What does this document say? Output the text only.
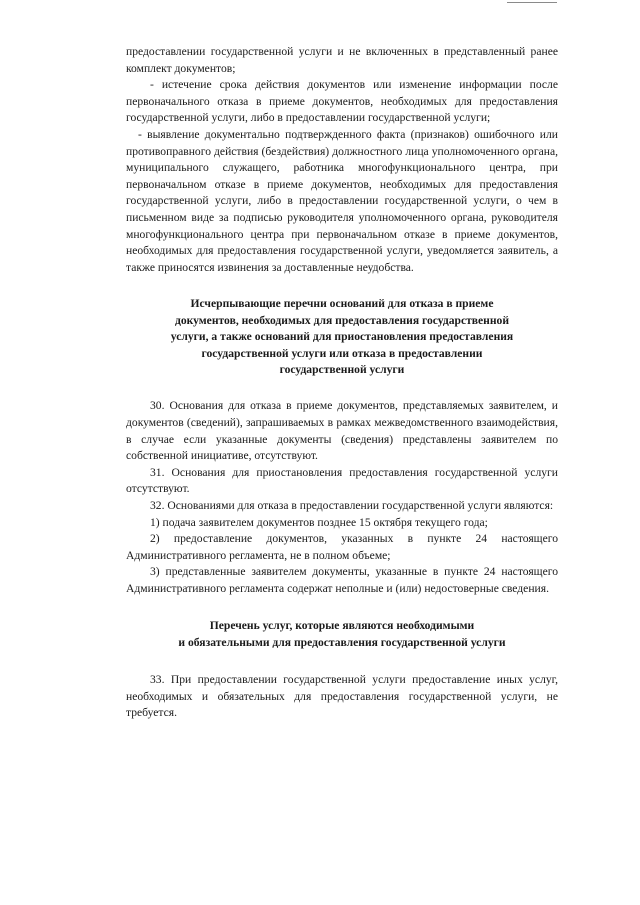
предоставлении государственной услуги и не включенных в представленный ранее комплект документов;

- истечение срока действия документов или изменение информации после первоначального отказа в приеме документов, необходимых для предоставления государственной услуги, либо в предоставлении государственной услуги;

- выявление документально подтвержденного факта (признаков) ошибочного или противоправного действия (бездействия) должностного лица уполномоченного органа, муниципального служащего, работника многофункционального центра, при первоначальном отказе в приеме документов, необходимых для предоставления государственной услуги, либо в предоставлении государственной услуги, о чем в письменном виде за подписью руководителя уполномоченного органа, руководителя многофункционального центра при первоначальном отказе в приеме документов, необходимых для предоставления государственной услуги, уведомляется заявитель, а также приносятся извинения за доставленные неудобства.

Исчерпывающие перечни оснований для отказа в приеме

документов, необходимых для предоставления государственной

услуги, а также оснований для приостановления предоставления

государственной услуги или отказа в предоставлении

государственной услуги

30. Основания для отказа в приеме документов, представляемых заявителем, и документов (сведений), запрашиваемых в рамках межведомственного взаимодействия, в случае если указанные документы (сведения) представлены заявителем по собственной инициативе, отсутствуют.

31. Основания для приостановления предоставления государственной услуги отсутствуют.

32. Основаниями для отказа в предоставлении государственной услуги являются:

1) подача заявителем документов позднее 15 октября текущего года;

2) предоставление документов, указанных в пункте 24 настоящего Административного регламента, не в полном объеме;

3) представленные заявителем документы, указанные в пункте 24 настоящего Административного регламента содержат неполные и (или) недостоверные сведения.

Перечень услуг, которые являются необходимыми

и обязательными для предоставления государственной услуги

33. При предоставлении государственной услуги предоставление иных услуг, необходимых и обязательных для предоставления государственной услуги, не требуется.
